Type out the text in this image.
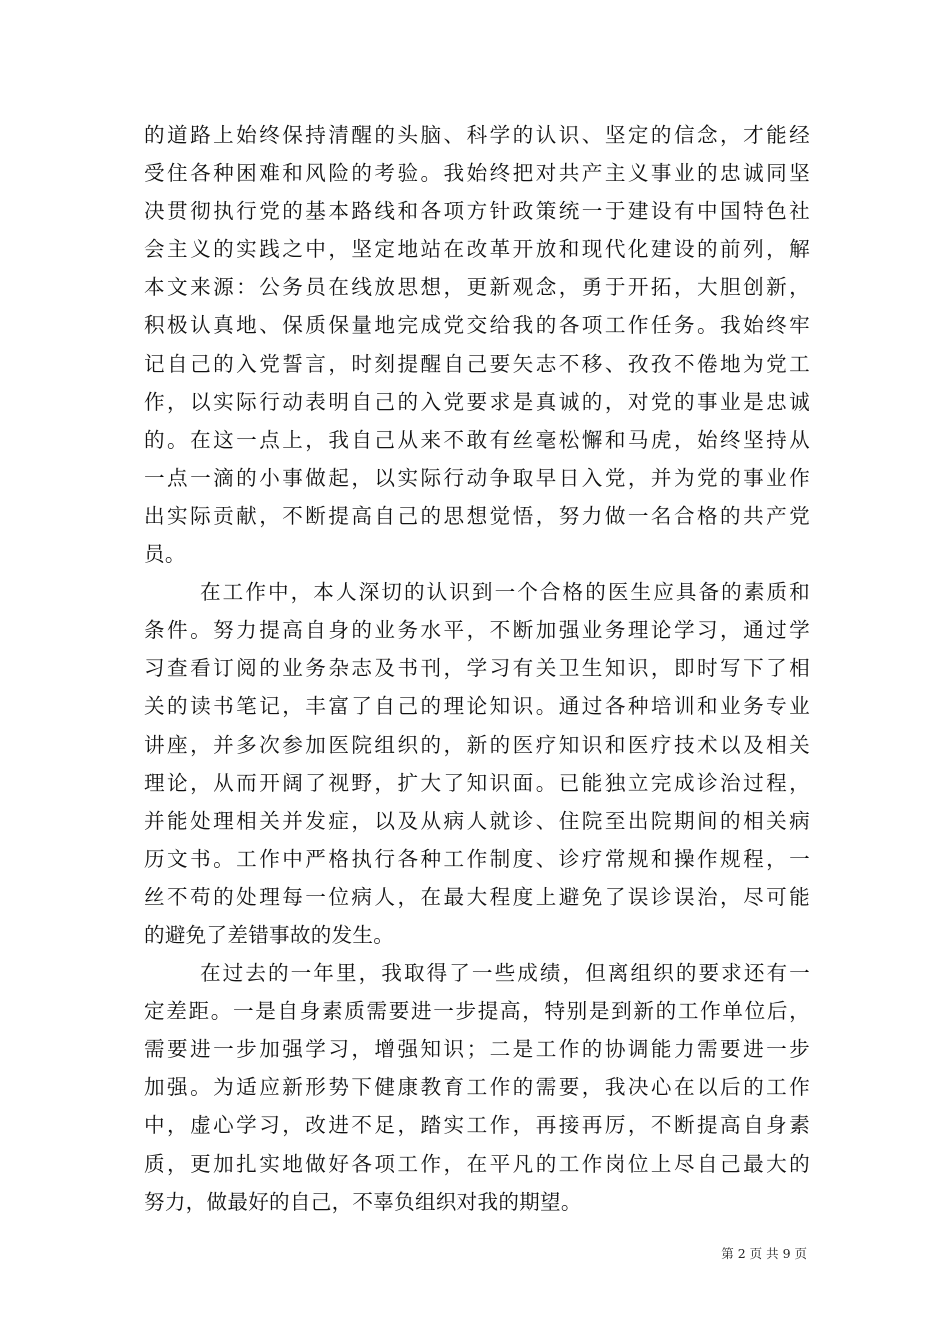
的道路上始终保持清醒的头脑、科学的认识、坚定的信念，才能经
受住各种困难和风险的考验。我始终把对共产主义事业的忠诚同坚
决贯彻执行党的基本路线和各项方针政策统一于建设有中国特色社
会主义的实践之中，坚定地站在改革开放和现代化建设的前列，解
本文来源：公务员在线放思想，更新观念，勇于开拓，大胆创新，
积极认真地、保质保量地完成党交给我的各项工作任务。我始终牢
记自己的入党誓言，时刻提醒自己要矢志不移、孜孜不倦地为党工
作，以实际行动表明自己的入党要求是真诚的，对党的事业是忠诚
的。在这一点上，我自己从来不敢有丝毫松懈和马虎，始终坚持从
一点一滴的小事做起，以实际行动争取早日入党，并为党的事业作
出实际贡献，不断提高自己的思想觉悟，努力做一名合格的共产党
员。
在工作中，本人深切的认识到一个合格的医生应具备的素质和
条件。努力提高自身的业务水平，不断加强业务理论学习，通过学
习查看订阅的业务杂志及书刊，学习有关卫生知识，即时写下了相
关的读书笔记，丰富了自己的理论知识。通过各种培训和业务专业
讲座，并多次参加医院组织的，新的医疗知识和医疗技术以及相关
理论，从而开阔了视野，扩大了知识面。已能独立完成诊治过程，
并能处理相关并发症，以及从病人就诊、住院至出院期间的相关病
历文书。工作中严格执行各种工作制度、诊疗常规和操作规程，一
丝不苟的处理每一位病人，在最大程度上避免了误诊误治，尽可能
的避免了差错事故的发生。
在过去的一年里，我取得了一些成绩，但离组织的要求还有一
定差距。一是自身素质需要进一步提高，特别是到新的工作单位后，
需要进一步加强学习，增强知识；二是工作的协调能力需要进一步
加强。为适应新形势下健康教育工作的需要，我决心在以后的工作
中，虚心学习，改进不足，踏实工作，再接再厉，不断提高自身素
质，更加扎实地做好各项工作，在平凡的工作岗位上尽自己最大的
努力，做最好的自己，不辜负组织对我的期望。
第 2 页 共 9 页
